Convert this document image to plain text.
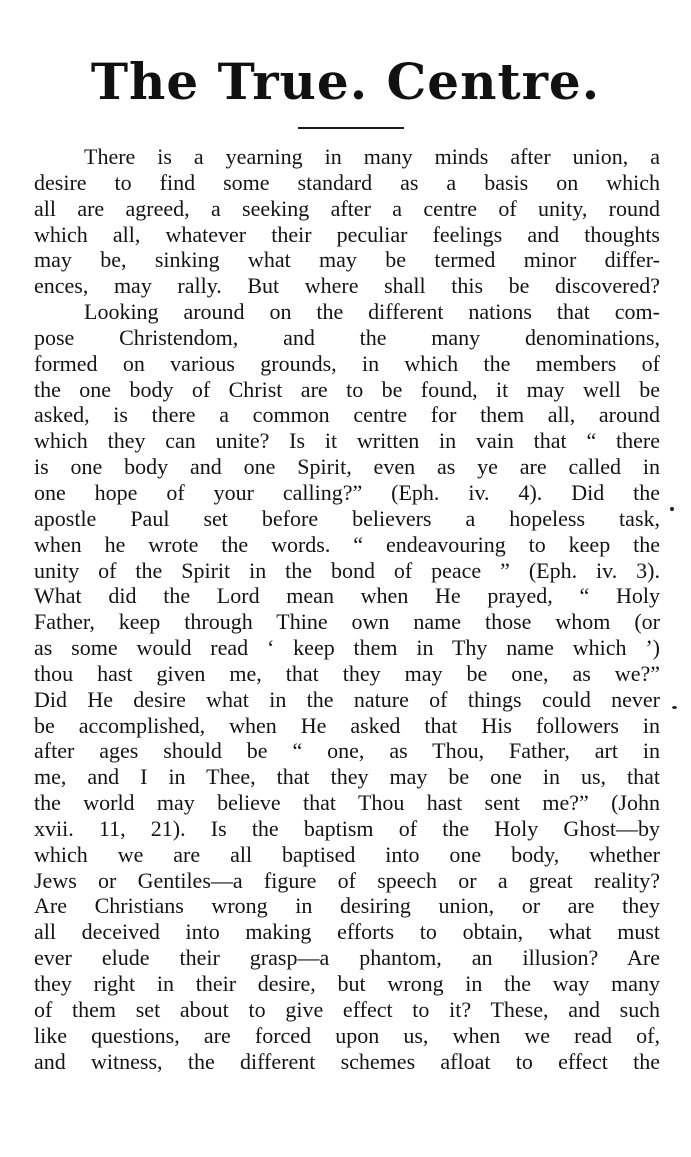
The True. Centre.
There is a yearning in many minds after union, a
desire to find some standard as a basis on which
all are agreed, a seeking after a centre of unity, round
which all, whatever their peculiar feelings and thoughts
may be, sinking what may be termed minor differ-
ences, may rally. But where shall this be discovered?
Looking around on the different nations that com-
pose Christendom, and the many denominations,
formed on various grounds, in which the members of
the one body of Christ are to be found, it may well be
asked, is there a common centre for them all, around
which they can unite? Is it written in vain that “ there
is one body and one Spirit, even as ye are called in
one hope of your calling?” (Eph. iv. 4). Did the
apostle Paul set before believers a hopeless task,
when he wrote the words. “ endeavouring to keep the
unity of the Spirit in the bond of peace ” (Eph. iv. 3).
What did the Lord mean when He prayed, “ Holy
Father, keep through Thine own name those whom (or
as some would read ‘ keep them in Thy name which ’)
thou hast given me, that they may be one, as we?”
Did He desire what in the nature of things could never
be accomplished, when He asked that His followers in
after ages should be “ one, as Thou, Father, art in
me, and I in Thee, that they may be one in us, that
the world may believe that Thou hast sent me?” (John
xvii. 11, 21). Is the baptism of the Holy Ghost—by
which we are all baptised into one body, whether
Jews or Gentiles—a figure of speech or a great reality?
Are Christians wrong in desiring union, or are they
all deceived into making efforts to obtain, what must
ever elude their grasp—a phantom, an illusion? Are
they right in their desire, but wrong in the way many
of them set about to give effect to it? These, and such
like questions, are forced upon us, when we read of,
and witness, the different schemes afloat to effect the
